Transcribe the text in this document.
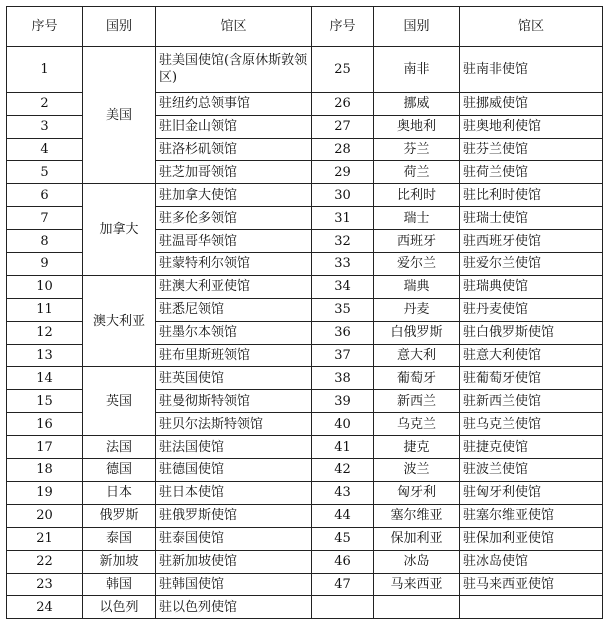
序号	国别	馆区	序号	国别	馆区
1	美国	驻美国使馆(含原休斯敦领区)	25	南非	驻南非使馆
2		驻纽约总领事馆	26	挪威	驻挪威使馆
3		驻旧金山领馆	27	奥地利	驻奥地利使馆
4		驻洛杉矶领馆	28	芬兰	驻芬兰使馆
5		驻芝加哥领馆	29	荷兰	驻荷兰使馆
6	加拿大	驻加拿大使馆	30	比利时	驻比利时使馆
7		驻多伦多领馆	31	瑞士	驻瑞士使馆
8		驻温哥华领馆	32	西班牙	驻西班牙使馆
9		驻蒙特利尔领馆	33	爱尔兰	驻爱尔兰使馆
10	澳大利亚	驻澳大利亚使馆	34	瑞典	驻瑞典使馆
11		驻悉尼领馆	35	丹麦	驻丹麦使馆
12		驻墨尔本领馆	36	白俄罗斯	驻白俄罗斯使馆
13		驻布里斯班领馆	37	意大利	驻意大利使馆
14	英国	驻英国使馆	38	葡萄牙	驻葡萄牙使馆
15		驻曼彻斯特领馆	39	新西兰	驻新西兰使馆
16		驻贝尔法斯特领馆	40	乌克兰	驻乌克兰使馆
17	法国	驻法国使馆	41	捷克	驻捷克使馆
18	德国	驻德国使馆	42	波兰	驻波兰使馆
19	日本	驻日本使馆	43	匈牙利	驻匈牙利使馆
20	俄罗斯	驻俄罗斯使馆	44	塞尔维亚	驻塞尔维亚使馆
21	泰国	驻泰国使馆	45	保加利亚	驻保加利亚使馆
22	新加坡	驻新加坡使馆	46	冰岛	驻冰岛使馆
23	韩国	驻韩国使馆	47	马来西亚	驻马来西亚使馆
24	以色列	驻以色列使馆			
